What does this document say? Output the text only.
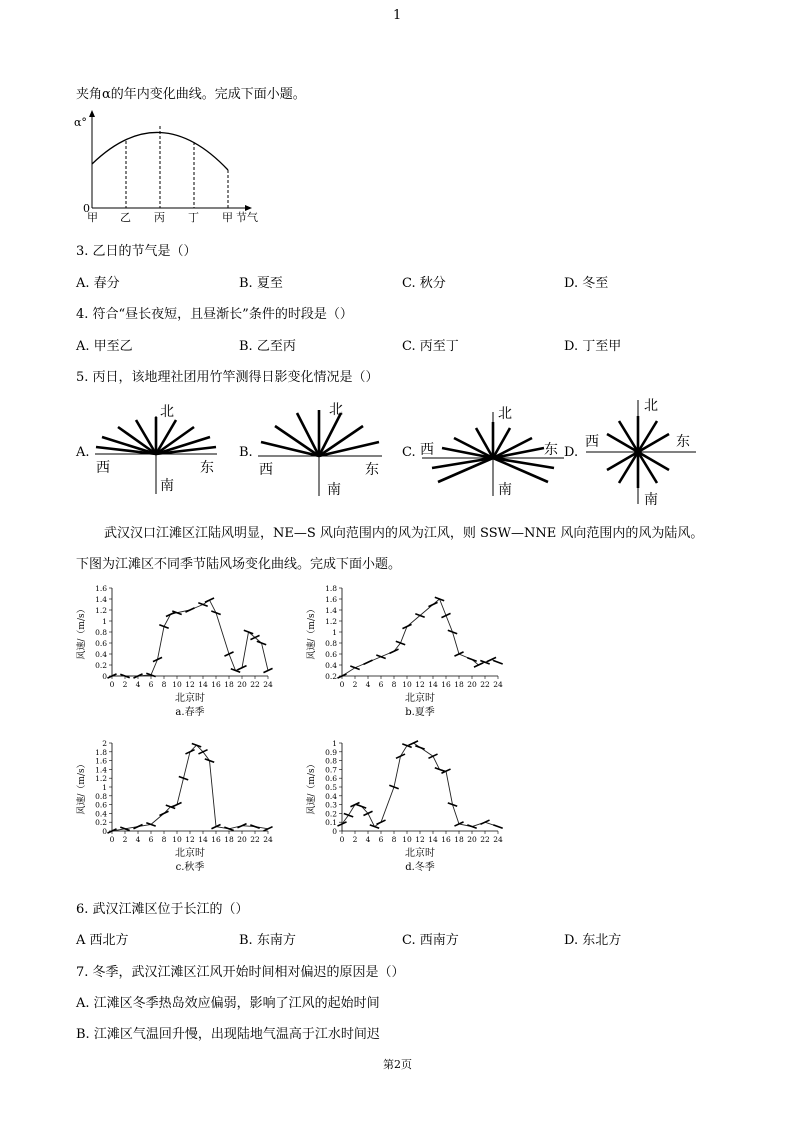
1
夹角α的年内变化曲线。完成下面小题。
α°
0
甲 乙 丙 丁 甲 节气
3. 乙日的节气是（）
A. 春分	B. 夏至	C. 秋分	D. 冬至
4. 符合“昼长夜短，且昼渐长”条件的时段是（）
A. 甲至乙	B. 乙至丙	C. 丙至丁	D. 丁至甲
5. 丙日，该地理社团用竹竿测得日影变化情况是（）
A.	B.	C.	D.
北
西	东
南
北
西	东
南
北
西	东
南
北
西	东
南
武汉汉口江滩区江陆风明显，NE—S 风向范围内的风为江风，则 SSW—NNE 风向范围内的风为陆风。
下图为江滩区不同季节陆风场变化曲线。完成下面小题。
0
0.2
0.4
0.6
0.8
1
1.2
1.4
1.6
0 2 4 6 8 10 12 14 16 18 20 22 24
风速/（m/s）
北京时
a.春季
0.2
0.4
0.6
0.8
1
1.2
1.4
1.6
1.8
0 2 4 6 8 10 12 14 16 18 20 22 24
风速/（m/s）
北京时
b.夏季
0
0.2
0.4
0.6
0.8
1
1.2
1.4
1.6
1.8
2
0 2 4 6 8 10 12 14 16 18 20 22 24
风速/（m/s）
北京时
c.秋季
0
0.1
0.2
0.3
0.4
0.5
0.6
0.7
0.8
0.9
1
0 2 4 6 8 10 12 14 16 18 20 22 24
风速/（m/s）
北京时
d.冬季
6. 武汉江滩区位于长江的（）
A 西北方	B. 东南方	C. 西南方	D. 东北方
7. 冬季，武汉江滩区江风开始时间相对偏迟的原因是（）
A. 江滩区冬季热岛效应偏弱，影响了江风的起始时间
B. 江滩区气温回升慢，出现陆地气温高于江水时间迟
第2页
